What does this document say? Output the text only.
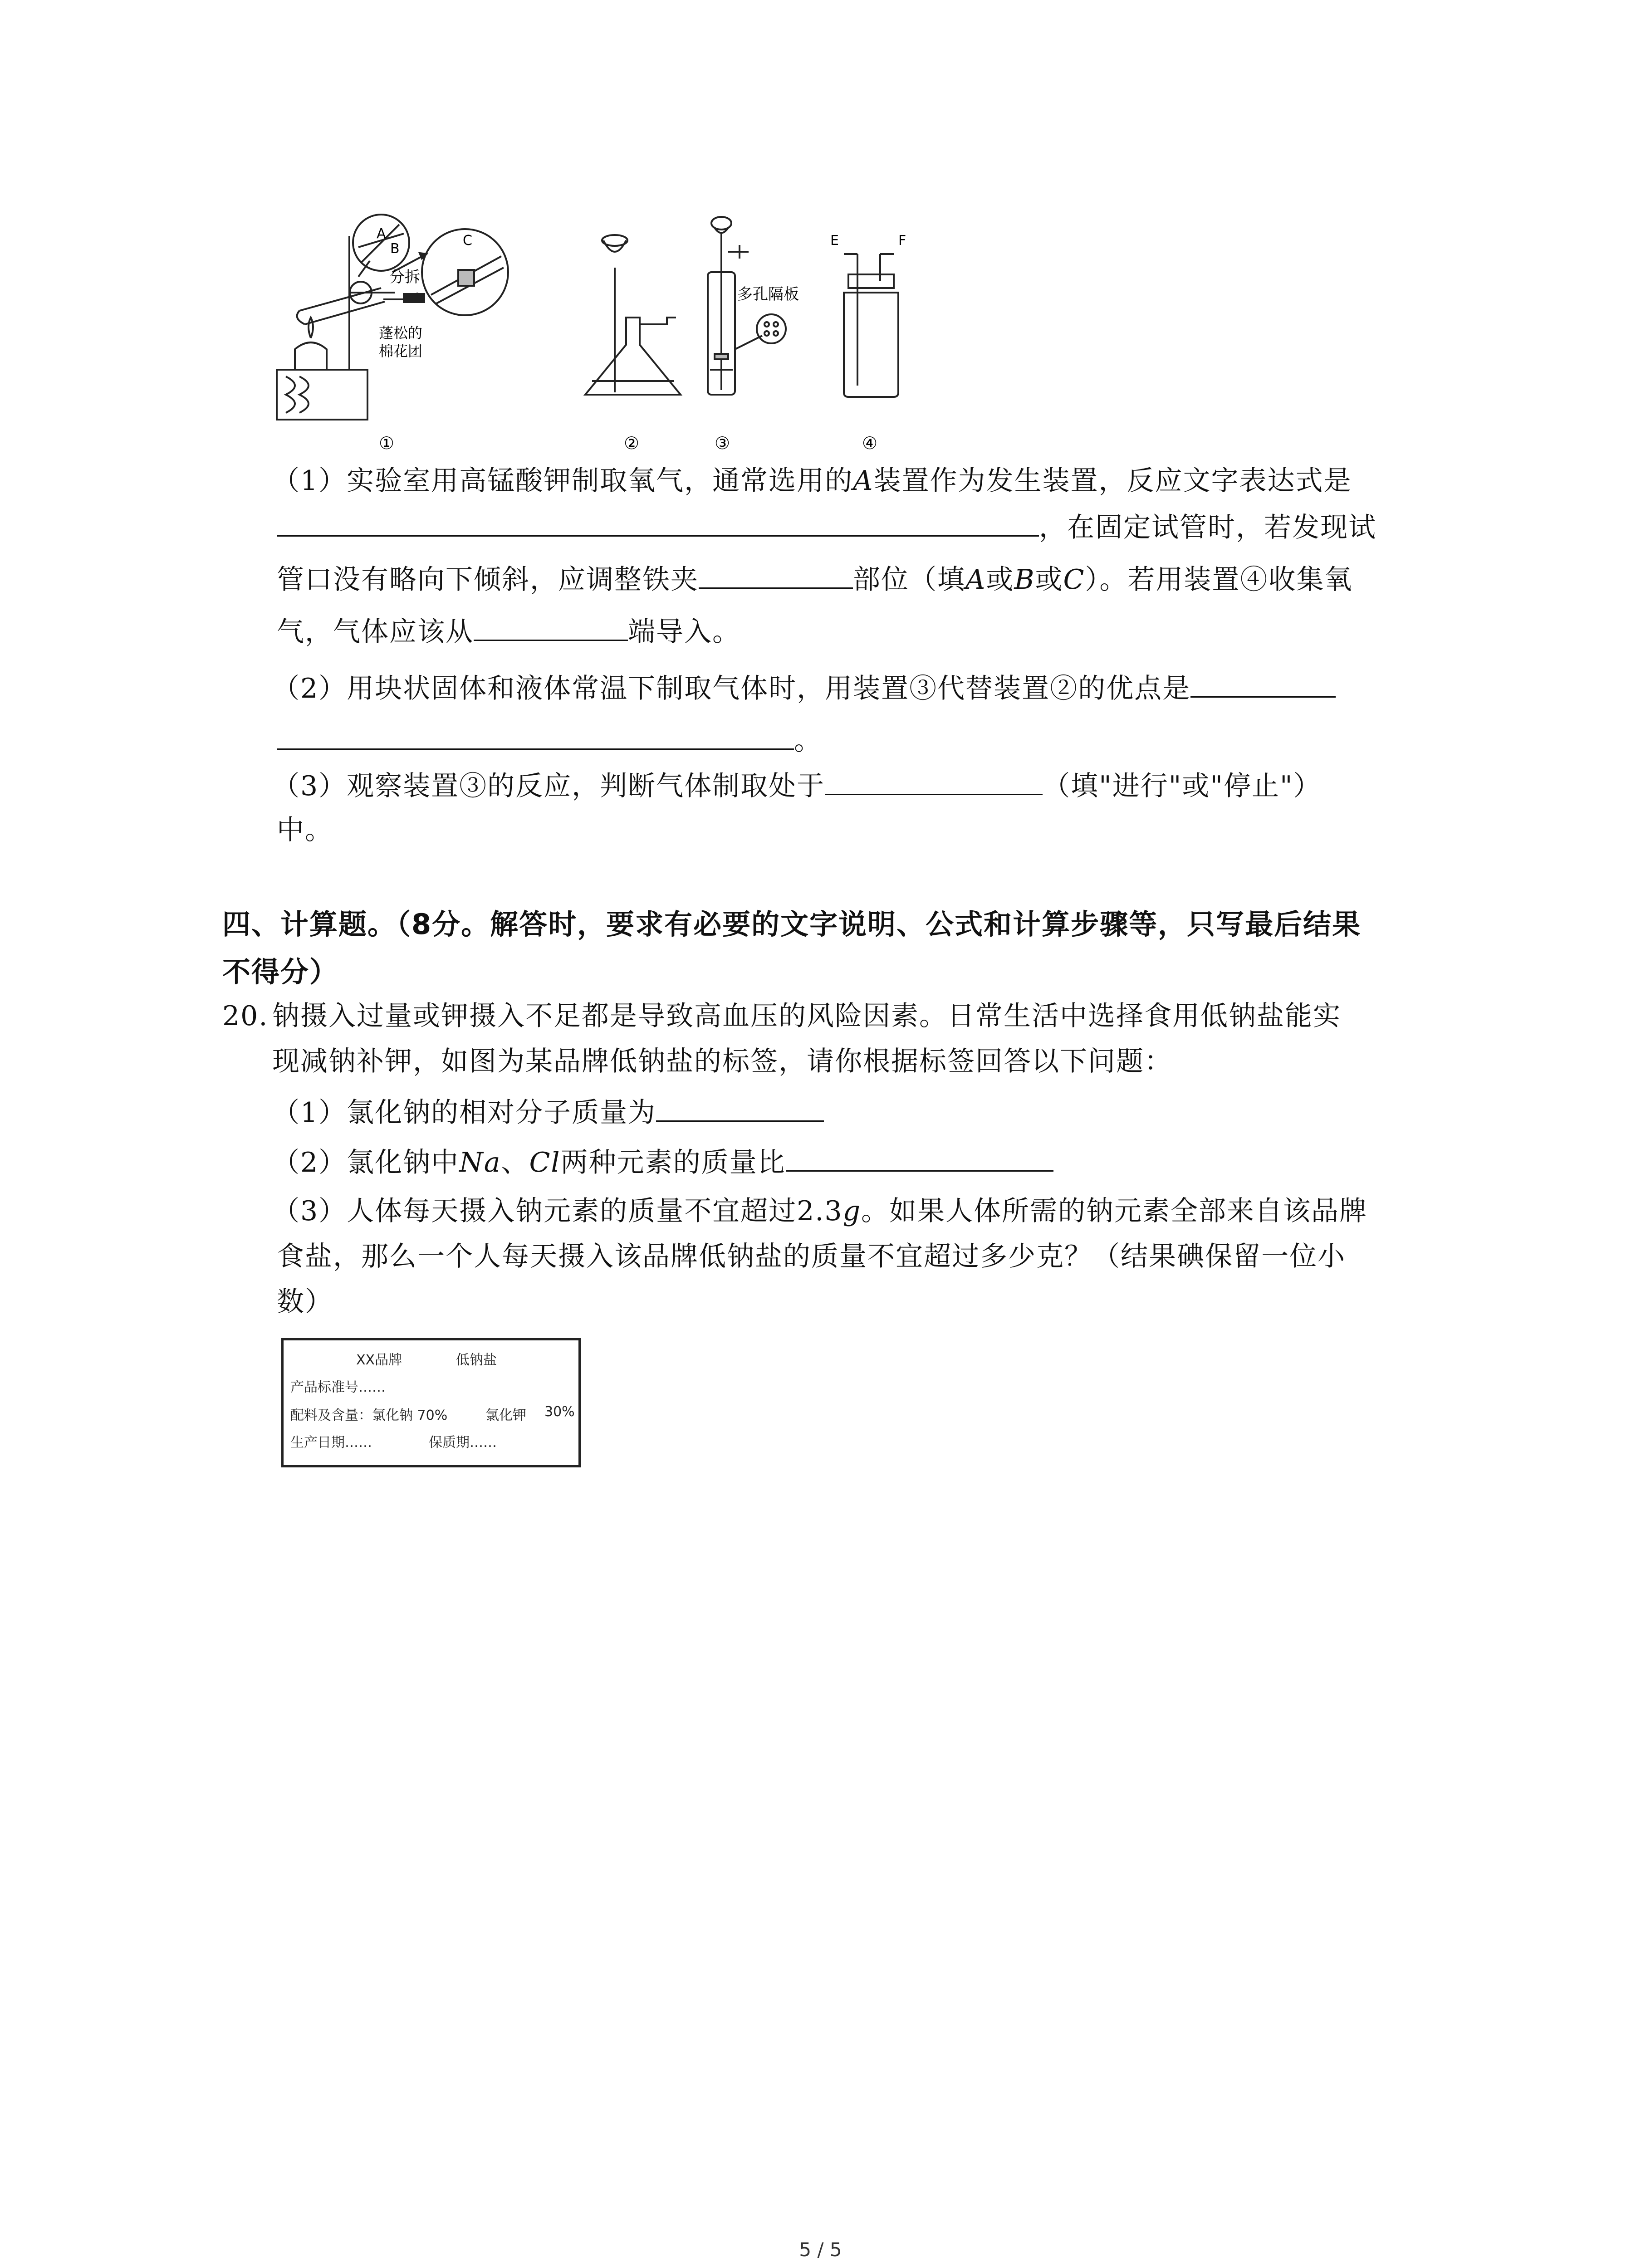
A
B
C
分拆
蓬松的
棉花团
多孔隔板
E	F
①	②	③	④
（1）实验室用高锰酸钾制取氧气，通常选用的A装置作为发生装置，反应文字表达式是
，在固定试管时，若发现试
管口没有略向下倾斜，应调整铁夹	部位（填A或B或C）。若用装置④收集氧
气，气体应该从	端导入。
（2）用块状固体和液体常温下制取气体时，用装置③代替装置②的优点是
。
（3）观察装置③的反应，判断气体制取处于	（填"进行"或"停止"）
中。
四、计算题。（8分。解答时，要求有必要的文字说明、公式和计算步骤等，只写最后结果
不得分）
20. 钠摄入过量或钾摄入不足都是导致高血压的风险因素。日常生活中选择食用低钠盐能实
现减钠补钾，如图为某品牌低钠盐的标签，请你根据标签回答以下问题：
（1）氯化钠的相对分子质量为
（2）氯化钠中Na、Cl两种元素的质量比
（3）人体每天摄入钠元素的质量不宜超过2.3g。如果人体所需的钠元素全部来自该品牌
食盐，那么一个人每天摄入该品牌低钠盐的质量不宜超过多少克？（结果碘保留一位小
数）
XX品牌	低钠盐
产品标准号……
配料及含量：氯化钠 70%	氯化钾 30%
生产日期……	保质期……
5 / 5
